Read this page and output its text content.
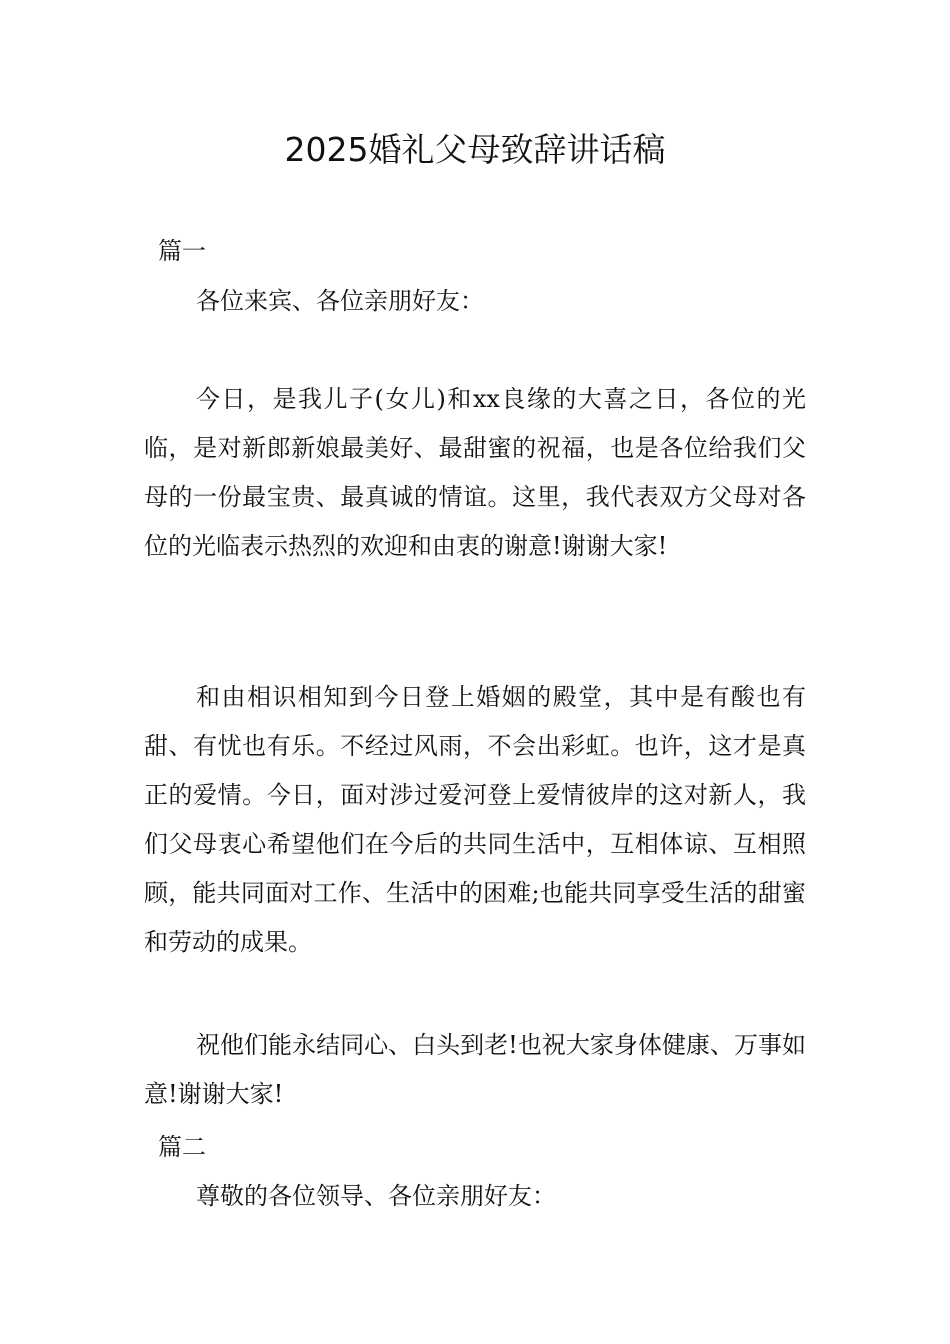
2025婚礼父母致辞讲话稿
篇一

各位来宾、各位亲朋好友：

今日，是我儿子(女儿)和xx良缘的大喜之日，各位的光临，是对新郎新娘最美好、最甜蜜的祝福，也是各位给我们父母的一份最宝贵、最真诚的情谊。这里，我代表双方父母对各位的光临表示热烈的欢迎和由衷的谢意!谢谢大家!

和由相识相知到今日登上婚姻的殿堂，其中是有酸也有甜、有忧也有乐。不经过风雨，不会出彩虹。也许，这才是真正的爱情。今日，面对涉过爱河登上爱情彼岸的这对新人，我们父母衷心希望他们在今后的共同生活中，互相体谅、互相照顾，能共同面对工作、生活中的困难;也能共同享受生活的甜蜜和劳动的成果。

祝他们能永结同心、白头到老!也祝大家身体健康、万事如意!谢谢大家!

篇二

尊敬的各位领导、各位亲朋好友：
